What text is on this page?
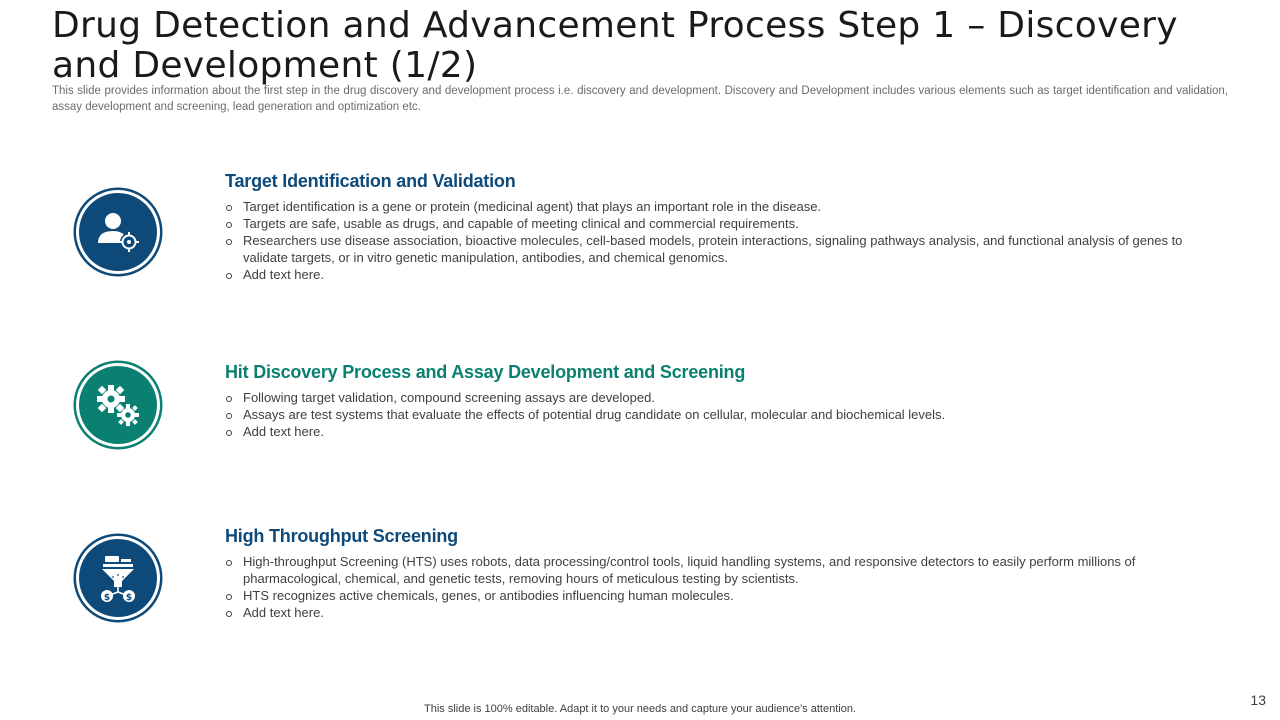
Drug Detection and Advancement Process Step 1 – Discovery and Development (1/2)

This slide provides information about the first step in the drug discovery and development process i.e. discovery and development. Discovery and Development includes various elements such as target identification and validation, assay development and screening, lead generation and optimization etc.

Target Identification and Validation
Target identification is a gene or protein (medicinal agent) that plays an important role in the disease.
Targets are safe, usable as drugs, and capable of meeting clinical and commercial requirements.
Researchers use disease association, bioactive molecules, cell-based models, protein interactions, signaling pathways analysis, and functional analysis of genes to validate targets, or in vitro genetic manipulation, antibodies, and chemical genomics.
Add text here.
Hit Discovery Process and Assay Development and Screening
Following target validation, compound screening assays are developed.
Assays are test systems that evaluate the effects of potential drug candidate on cellular, molecular and biochemical levels.
Add text here.
$ $
High Throughput Screening
High-throughput Screening (HTS) uses robots, data processing/control tools, liquid handling systems, and responsive detectors to easily perform millions of pharmacological, chemical, and genetic tests, removing hours of meticulous testing by scientists.
HTS recognizes active chemicals, genes, or antibodies influencing human molecules.
Add text here.
This slide is 100% editable. Adapt it to your needs and capture your audience's attention.
13
